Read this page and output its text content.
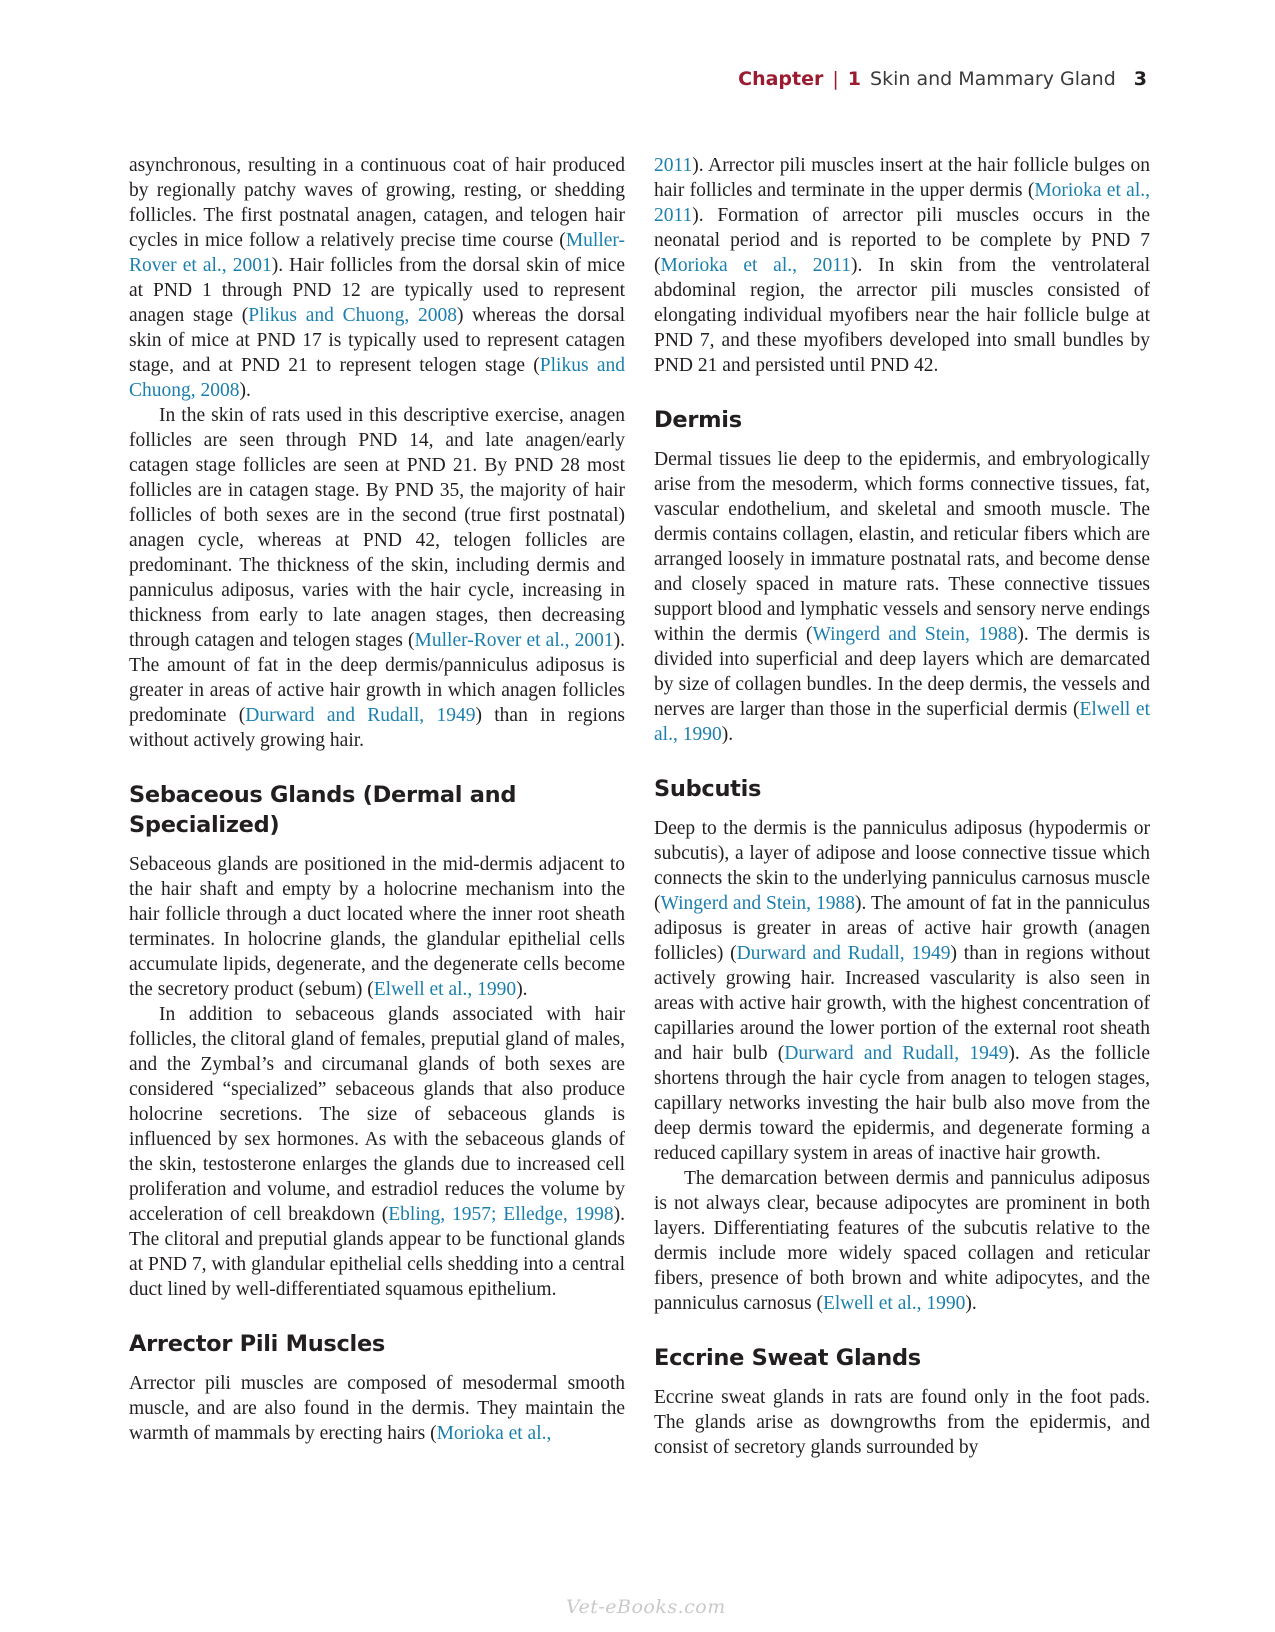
Chapter | 1 Skin and Mammary Gland 3

asynchronous, resulting in a continuous coat of hair produced by regionally patchy waves of growing, resting, or shedding follicles. The first postnatal anagen, catagen, and telogen hair cycles in mice follow a relatively precise time course (Muller-Rover et al., 2001). Hair follicles from the dorsal skin of mice at PND 1 through PND 12 are typically used to represent anagen stage (Plikus and Chuong, 2008) whereas the dorsal skin of mice at PND 17 is typically used to represent catagen stage, and at PND 21 to represent telogen stage (Plikus and Chuong, 2008).

In the skin of rats used in this descriptive exercise, anagen follicles are seen through PND 14, and late anagen/early catagen stage follicles are seen at PND 21. By PND 28 most follicles are in catagen stage. By PND 35, the majority of hair follicles of both sexes are in the second (true first postnatal) anagen cycle, whereas at PND 42, telogen follicles are predominant. The thickness of the skin, including dermis and panniculus adiposus, varies with the hair cycle, increasing in thickness from early to late anagen stages, then decreasing through catagen and telogen stages (Muller-Rover et al., 2001). The amount of fat in the deep dermis/panniculus adiposus is greater in areas of active hair growth in which anagen follicles predominate (Durward and Rudall, 1949) than in regions without actively growing hair.

Sebaceous Glands (Dermal and Specialized)

Sebaceous glands are positioned in the mid-dermis adjacent to the hair shaft and empty by a holocrine mechanism into the hair follicle through a duct located where the inner root sheath terminates. In holocrine glands, the glandular epithelial cells accumulate lipids, degenerate, and the degenerate cells become the secretory product (sebum) (Elwell et al., 1990).

In addition to sebaceous glands associated with hair follicles, the clitoral gland of females, preputial gland of males, and the Zymbal’s and circumanal glands of both sexes are considered “specialized” sebaceous glands that also produce holocrine secretions. The size of sebaceous glands is influenced by sex hormones. As with the sebaceous glands of the skin, testosterone enlarges the glands due to increased cell proliferation and volume, and estradiol reduces the volume by acceleration of cell breakdown (Ebling, 1957; Elledge, 1998). The clitoral and preputial glands appear to be functional glands at PND 7, with glandular epithelial cells shedding into a central duct lined by well-differentiated squamous epithelium.

Arrector Pili Muscles

Arrector pili muscles are composed of mesodermal smooth muscle, and are also found in the dermis. They maintain the warmth of mammals by erecting hairs (Morioka et al.,

2011). Arrector pili muscles insert at the hair follicle bulges on hair follicles and terminate in the upper dermis (Morioka et al., 2011). Formation of arrector pili muscles occurs in the neonatal period and is reported to be complete by PND 7 (Morioka et al., 2011). In skin from the ventrolateral abdominal region, the arrector pili muscles consisted of elongating individual myofibers near the hair follicle bulge at PND 7, and these myofibers developed into small bundles by PND 21 and persisted until PND 42.

Dermis

Dermal tissues lie deep to the epidermis, and embryologically arise from the mesoderm, which forms connective tissues, fat, vascular endothelium, and skeletal and smooth muscle. The dermis contains collagen, elastin, and reticular fibers which are arranged loosely in immature postnatal rats, and become dense and closely spaced in mature rats. These connective tissues support blood and lymphatic vessels and sensory nerve endings within the dermis (Wingerd and Stein, 1988). The dermis is divided into superficial and deep layers which are demarcated by size of collagen bundles. In the deep dermis, the vessels and nerves are larger than those in the superficial dermis (Elwell et al., 1990).

Subcutis

Deep to the dermis is the panniculus adiposus (hypodermis or subcutis), a layer of adipose and loose connective tissue which connects the skin to the underlying panniculus carnosus muscle (Wingerd and Stein, 1988). The amount of fat in the panniculus adiposus is greater in areas of active hair growth (anagen follicles) (Durward and Rudall, 1949) than in regions without actively growing hair. Increased vascularity is also seen in areas with active hair growth, with the highest concentration of capillaries around the lower portion of the external root sheath and hair bulb (Durward and Rudall, 1949). As the follicle shortens through the hair cycle from anagen to telogen stages, capillary networks investing the hair bulb also move from the deep dermis toward the epidermis, and degenerate forming a reduced capillary system in areas of inactive hair growth.

The demarcation between dermis and panniculus adiposus is not always clear, because adipocytes are prominent in both layers. Differentiating features of the subcutis relative to the dermis include more widely spaced collagen and reticular fibers, presence of both brown and white adipocytes, and the panniculus carnosus (Elwell et al., 1990).

Eccrine Sweat Glands

Eccrine sweat glands in rats are found only in the foot pads. The glands arise as downgrowths from the epidermis, and consist of secretory glands surrounded by

Vet-eBooks.com
